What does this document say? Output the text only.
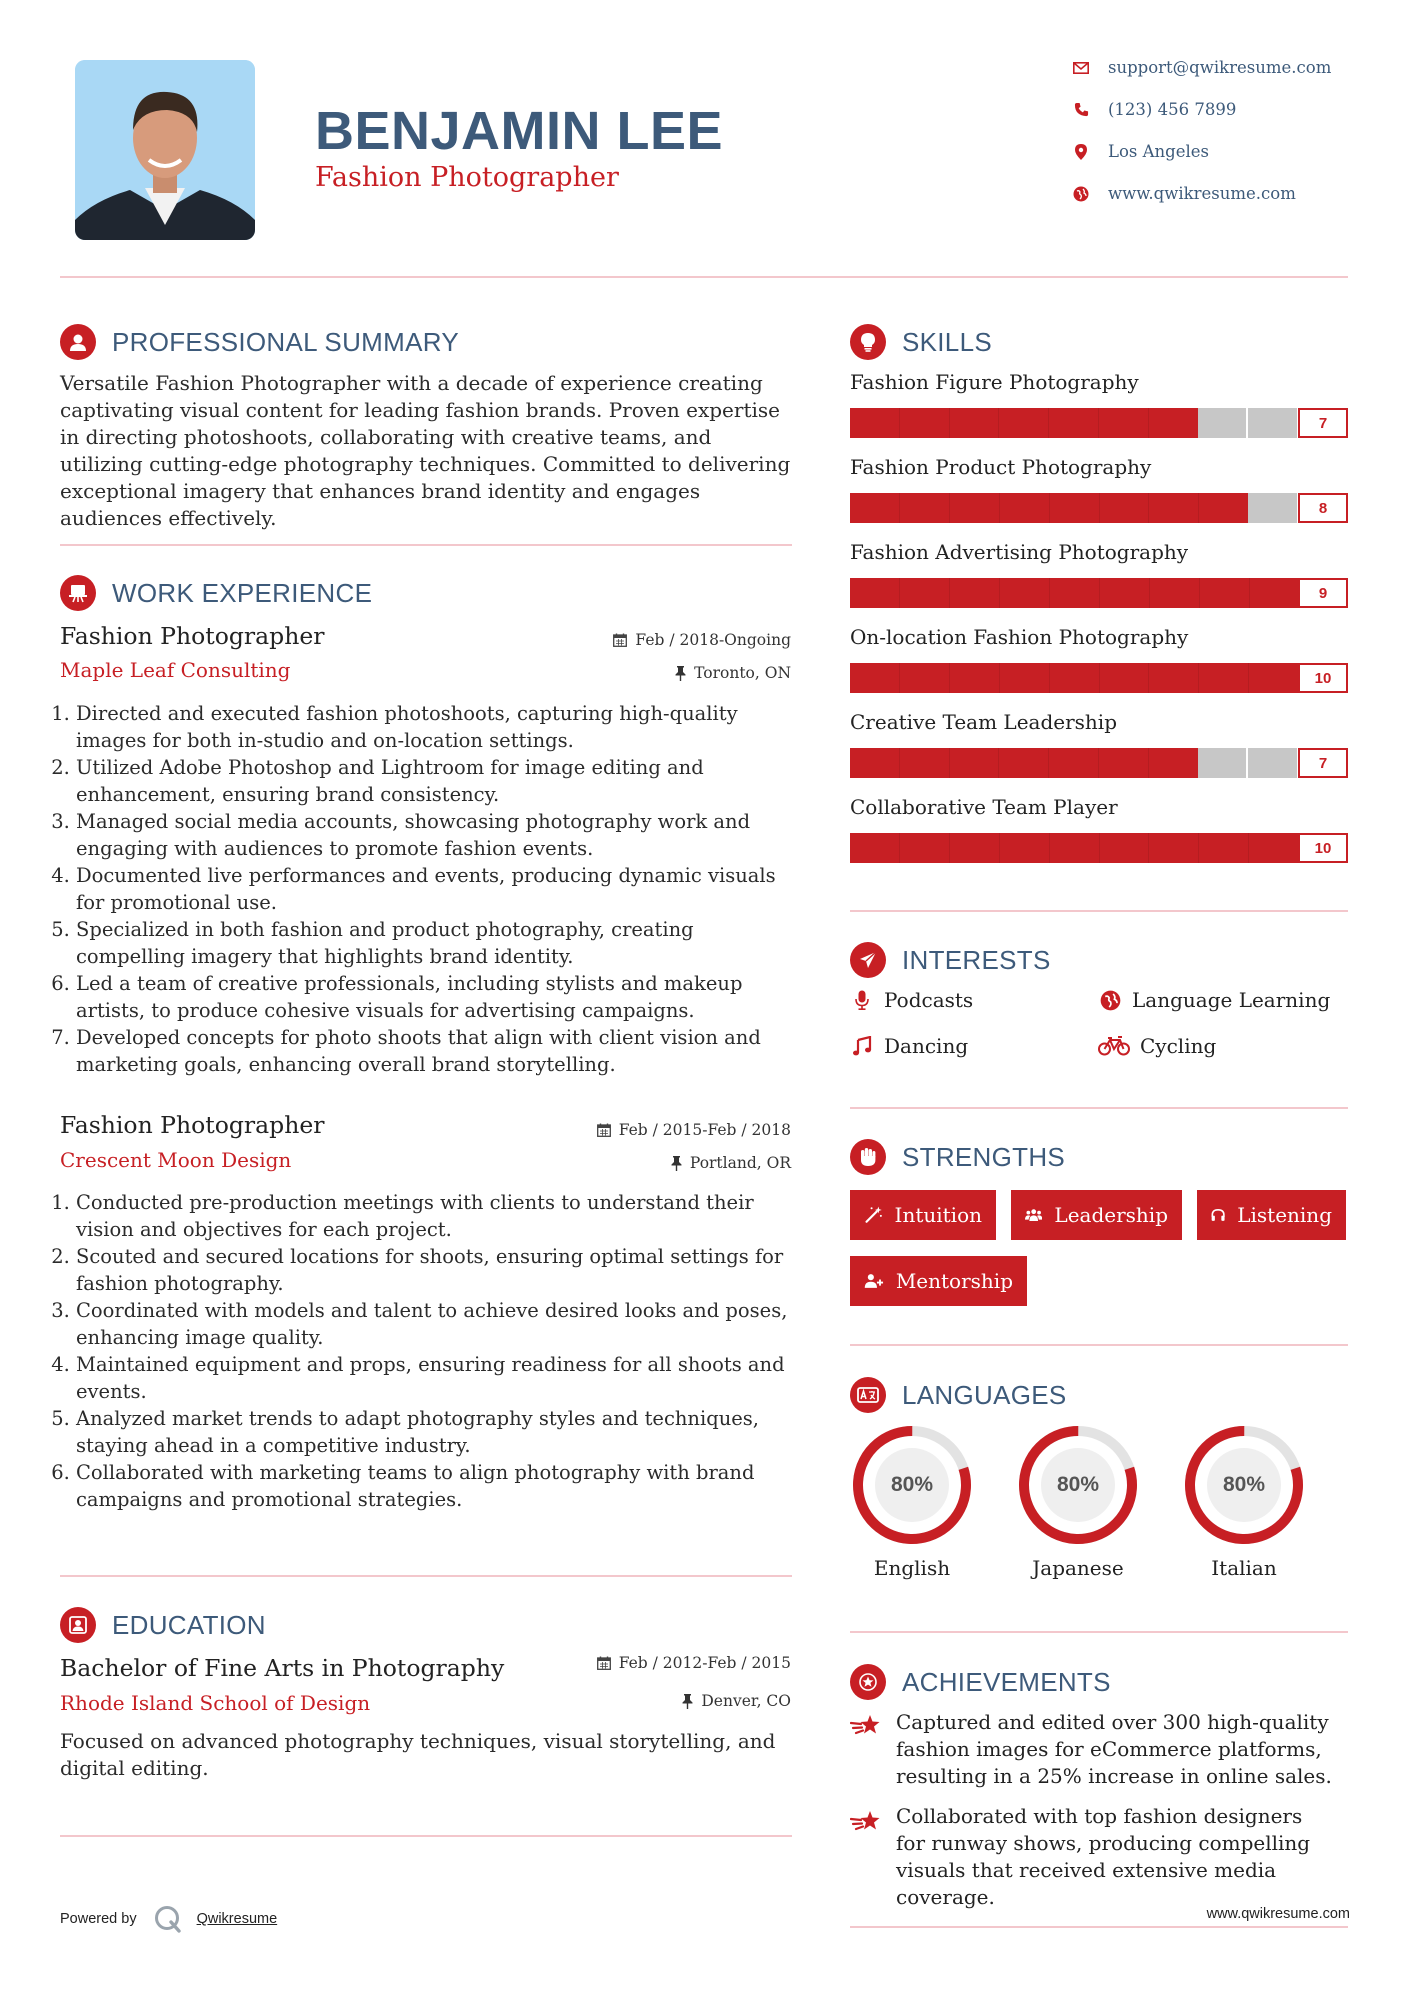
BENJAMIN LEE
Fashion Photographer
support@qwikresume.com
(123) 456 7899
Los Angeles
www.qwikresume.com
PROFESSIONAL SUMMARY
Versatile Fashion Photographer with a decade of experience creating captivating visual content for leading fashion brands. Proven expertise in directing photoshoots, collaborating with creative teams, and utilizing cutting-edge photography techniques. Committed to delivering exceptional imagery that enhances brand identity and engages audiences effectively.
WORK EXPERIENCE
Fashion Photographer	Feb / 2018-Ongoing
Maple Leaf Consulting	Toronto, ON
1. Directed and executed fashion photoshoots, capturing high-quality images for both in-studio and on-location settings.
2. Utilized Adobe Photoshop and Lightroom for image editing and enhancement, ensuring brand consistency.
3. Managed social media accounts, showcasing photography work and engaging with audiences to promote fashion events.
4. Documented live performances and events, producing dynamic visuals for promotional use.
5. Specialized in both fashion and product photography, creating compelling imagery that highlights brand identity.
6. Led a team of creative professionals, including stylists and makeup artists, to produce cohesive visuals for advertising campaigns.
7. Developed concepts for photo shoots that align with client vision and marketing goals, enhancing overall brand storytelling.
Fashion Photographer	Feb / 2015-Feb / 2018
Crescent Moon Design	Portland, OR
1. Conducted pre-production meetings with clients to understand their vision and objectives for each project.
2. Scouted and secured locations for shoots, ensuring optimal settings for fashion photography.
3. Coordinated with models and talent to achieve desired looks and poses, enhancing image quality.
4. Maintained equipment and props, ensuring readiness for all shoots and events.
5. Analyzed market trends to adapt photography styles and techniques, staying ahead in a competitive industry.
6. Collaborated with marketing teams to align photography with brand campaigns and promotional strategies.
EDUCATION
Bachelor of Fine Arts in Photography	Feb / 2012-Feb / 2015
Rhode Island School of Design	Denver, CO
Focused on advanced photography techniques, visual storytelling, and digital editing.
SKILLS
Fashion Figure Photography
7
Fashion Product Photography
8
Fashion Advertising Photography
9
On-location Fashion Photography
10
Creative Team Leadership
7
Collaborative Team Player
10
INTERESTS
Podcasts	Language Learning
Dancing	Cycling
STRENGTHS
Intuition	Leadership	Listening
Mentorship
LANGUAGES
80%
English
80%
Japanese
80%
Italian
ACHIEVEMENTS
Captured and edited over 300 high-quality fashion images for eCommerce platforms, resulting in a 25% increase in online sales.
Collaborated with top fashion designers for runway shows, producing compelling visuals that received extensive media coverage.
Powered by	Qwikresume	www.qwikresume.com
